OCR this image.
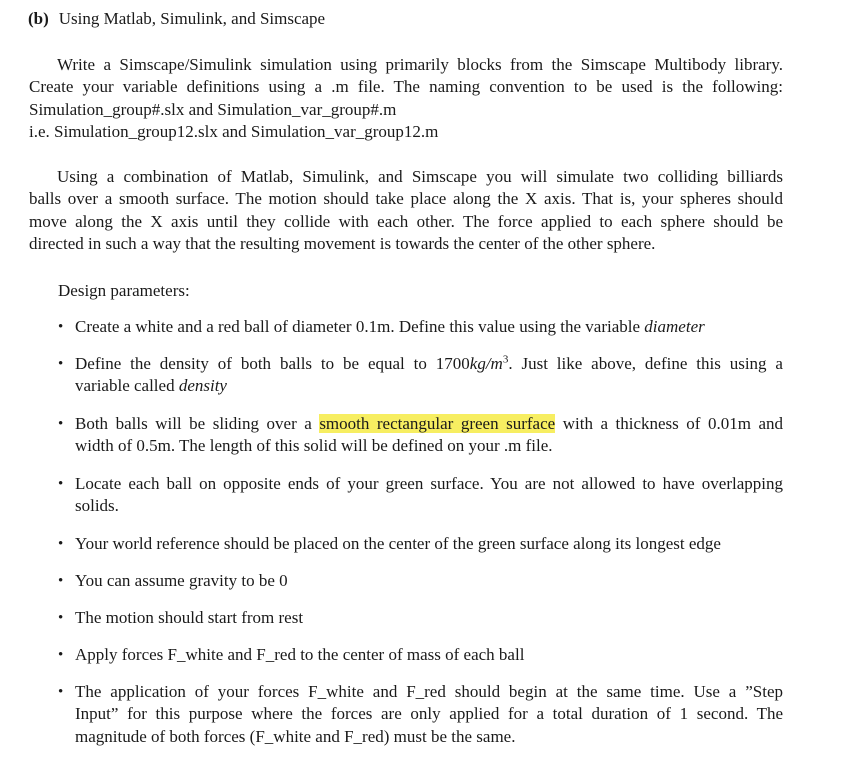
(b) Using Matlab, Simulink, and Simscape
Write a Simscape/Simulink simulation using primarily blocks from the Simscape Multibody library.
Create your variable definitions using a .m file. The naming convention to be used is the following:
Simulation_group#.slx and Simulation_var_group#.m
i.e. Simulation_group12.slx and Simulation_var_group12.m
Using a combination of Matlab, Simulink, and Simscape you will simulate two colliding billiards
balls over a smooth surface. The motion should take place along the X axis. That is, your spheres should
move along the X axis until they collide with each other. The force applied to each sphere should be
directed in such a way that the resulting movement is towards the center of the other sphere.
Design parameters:
• Create a white and a red ball of diameter 0.1m. Define this value using the variable diameter
• Define the density of both balls to be equal to $1700kg/m^3$. Just like above, define this using a
variable called density
• Both balls will be sliding over a smooth rectangular green surface with a thickness of 0.01m and
width of 0.5m. The length of this solid will be defined on your .m file.
• Locate each ball on opposite ends of your green surface. You are not allowed to have overlapping
solids.
• Your world reference should be placed on the center of the green surface along its longest edge
• You can assume gravity to be 0
• The motion should start from rest
• Apply forces F_white and F_red to the center of mass of each ball
• The application of your forces F_white and F_red should begin at the same time. Use a ”Step
Input” for this purpose where the forces are only applied for a total duration of 1 second. The
magnitude of both forces (F_white and F_red) must be the same.
